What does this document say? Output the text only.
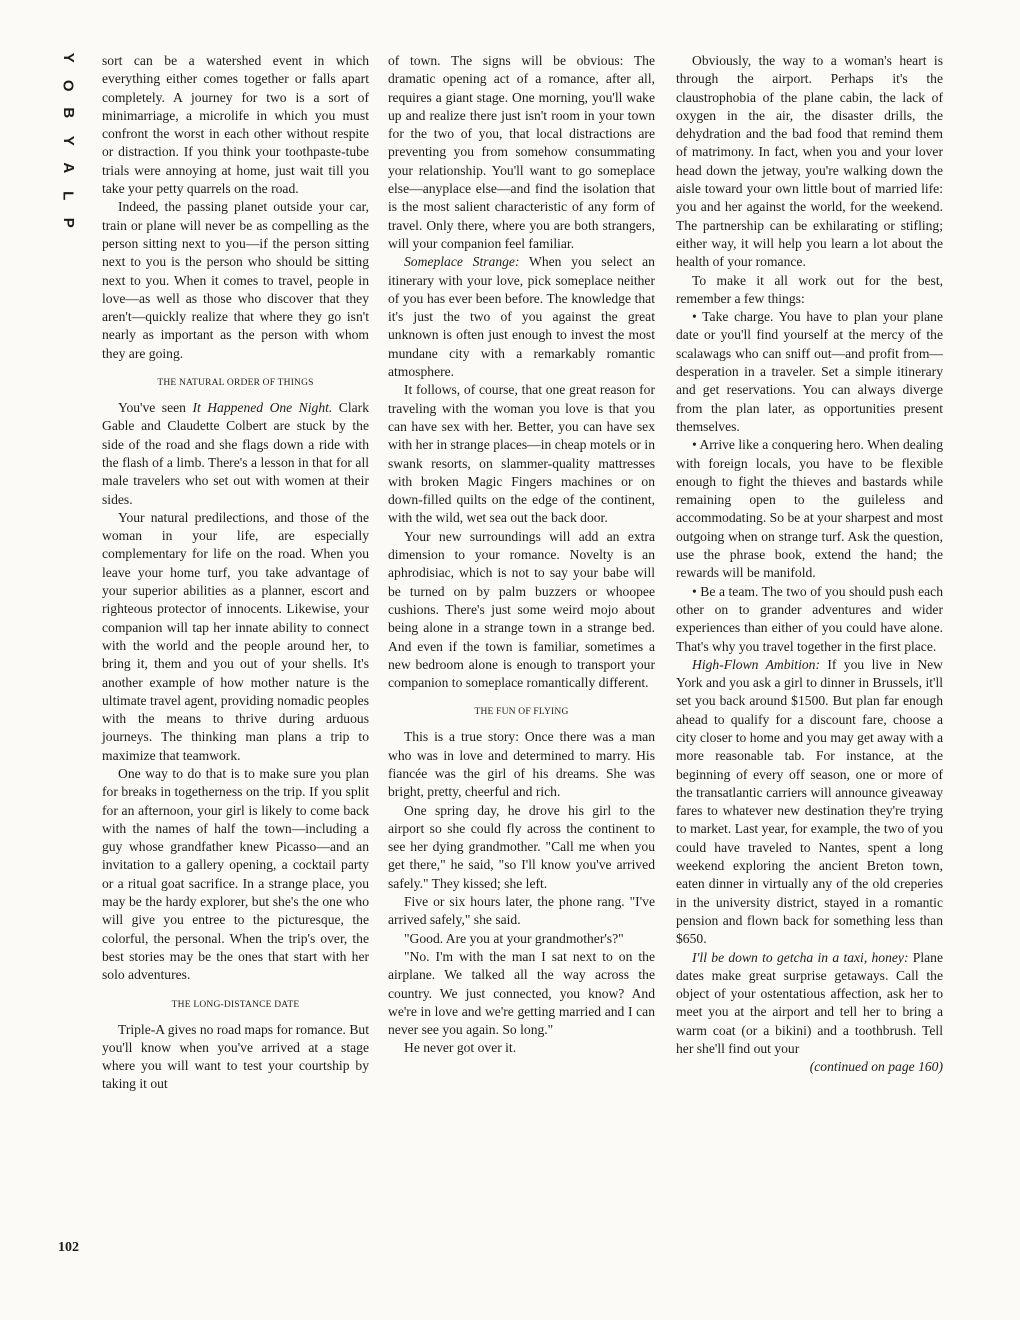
Y
O
B
Y
A
L
P
102

sort can be a watershed event in which everything either comes together or falls apart completely. A journey for two is a sort of minimarriage, a microlife in which you must confront the worst in each other without respite or distraction. If you think your toothpaste-tube trials were annoying at home, just wait till you take your petty quarrels on the road.

Indeed, the passing planet outside your car, train or plane will never be as compelling as the person sitting next to you—if the person sitting next to you is the person who should be sitting next to you. When it comes to travel, people in love—as well as those who discover that they aren't—quickly realize that where they go isn't nearly as important as the person with whom they are going.

THE NATURAL ORDER OF THINGS

You've seen It Happened One Night. Clark Gable and Claudette Colbert are stuck by the side of the road and she flags down a ride with the flash of a limb. There's a lesson in that for all male travelers who set out with women at their sides.

Your natural predilections, and those of the woman in your life, are especially complementary for life on the road. When you leave your home turf, you take advantage of your superior abilities as a planner, escort and righteous protector of innocents. Likewise, your companion will tap her innate ability to connect with the world and the people around her, to bring it, them and you out of your shells. It's another example of how mother nature is the ultimate travel agent, providing nomadic peoples with the means to thrive during arduous journeys. The thinking man plans a trip to maximize that teamwork.

One way to do that is to make sure you plan for breaks in togetherness on the trip. If you split for an afternoon, your girl is likely to come back with the names of half the town—including a guy whose grandfather knew Picasso—and an invitation to a gallery opening, a cocktail party or a ritual goat sacrifice. In a strange place, you may be the hardy explorer, but she's the one who will give you entree to the picturesque, the colorful, the personal. When the trip's over, the best stories may be the ones that start with her solo adventures.

THE LONG-DISTANCE DATE

Triple-A gives no road maps for romance. But you'll know when you've arrived at a stage where you will want to test your courtship by taking it out

of town. The signs will be obvious: The dramatic opening act of a romance, after all, requires a giant stage. One morning, you'll wake up and realize there just isn't room in your town for the two of you, that local distractions are preventing you from somehow consummating your relationship. You'll want to go someplace else—anyplace else—and find the isolation that is the most salient characteristic of any form of travel. Only there, where you are both strangers, will your companion feel familiar.

Someplace Strange: When you select an itinerary with your love, pick someplace neither of you has ever been before. The knowledge that it's just the two of you against the great unknown is often just enough to invest the most mundane city with a remarkably romantic atmosphere.

It follows, of course, that one great reason for traveling with the woman you love is that you can have sex with her. Better, you can have sex with her in strange places—in cheap motels or in swank resorts, on slammer-quality mattresses with broken Magic Fingers machines or on down-filled quilts on the edge of the continent, with the wild, wet sea out the back door.

Your new surroundings will add an extra dimension to your romance. Novelty is an aphrodisiac, which is not to say your babe will be turned on by palm buzzers or whoopee cushions. There's just some weird mojo about being alone in a strange town in a strange bed. And even if the town is familiar, sometimes a new bedroom alone is enough to transport your companion to someplace romantically different.

THE FUN OF FLYING

This is a true story: Once there was a man who was in love and determined to marry. His fiancée was the girl of his dreams. She was bright, pretty, cheerful and rich.

One spring day, he drove his girl to the airport so she could fly across the continent to see her dying grandmother. "Call me when you get there," he said, "so I'll know you've arrived safely." They kissed; she left.

Five or six hours later, the phone rang. "I've arrived safely," she said.

"Good. Are you at your grandmother's?"

"No. I'm with the man I sat next to on the airplane. We talked all the way across the country. We just connected, you know? And we're in love and we're getting married and I can never see you again. So long."

He never got over it.

Obviously, the way to a woman's heart is through the airport. Perhaps it's the claustrophobia of the plane cabin, the lack of oxygen in the air, the disaster drills, the dehydration and the bad food that remind them of matrimony. In fact, when you and your lover head down the jetway, you're walking down the aisle toward your own little bout of married life: you and her against the world, for the weekend. The partnership can be exhilarating or stifling; either way, it will help you learn a lot about the health of your romance.

To make it all work out for the best, remember a few things:

• Take charge. You have to plan your plane date or you'll find yourself at the mercy of the scalawags who can sniff out—and profit from—desperation in a traveler. Set a simple itinerary and get reservations. You can always diverge from the plan later, as opportunities present themselves.

• Arrive like a conquering hero. When dealing with foreign locals, you have to be flexible enough to fight the thieves and bastards while remaining open to the guileless and accommodating. So be at your sharpest and most outgoing when on strange turf. Ask the question, use the phrase book, extend the hand; the rewards will be manifold.

• Be a team. The two of you should push each other on to grander adventures and wider experiences than either of you could have alone. That's why you travel together in the first place.

High-Flown Ambition: If you live in New York and you ask a girl to dinner in Brussels, it'll set you back around $1500. But plan far enough ahead to qualify for a discount fare, choose a city closer to home and you may get away with a more reasonable tab. For instance, at the beginning of every off season, one or more of the transatlantic carriers will announce giveaway fares to whatever new destination they're trying to market. Last year, for example, the two of you could have traveled to Nantes, spent a long weekend exploring the ancient Breton town, eaten dinner in virtually any of the old creperies in the university district, stayed in a romantic pension and flown back for something less than $650.

I'll be down to getcha in a taxi, honey: Plane dates make great surprise getaways. Call the object of your ostentatious affection, ask her to meet you at the airport and tell her to bring a warm coat (or a bikini) and a toothbrush. Tell her she'll find out your

(continued on page 160)
